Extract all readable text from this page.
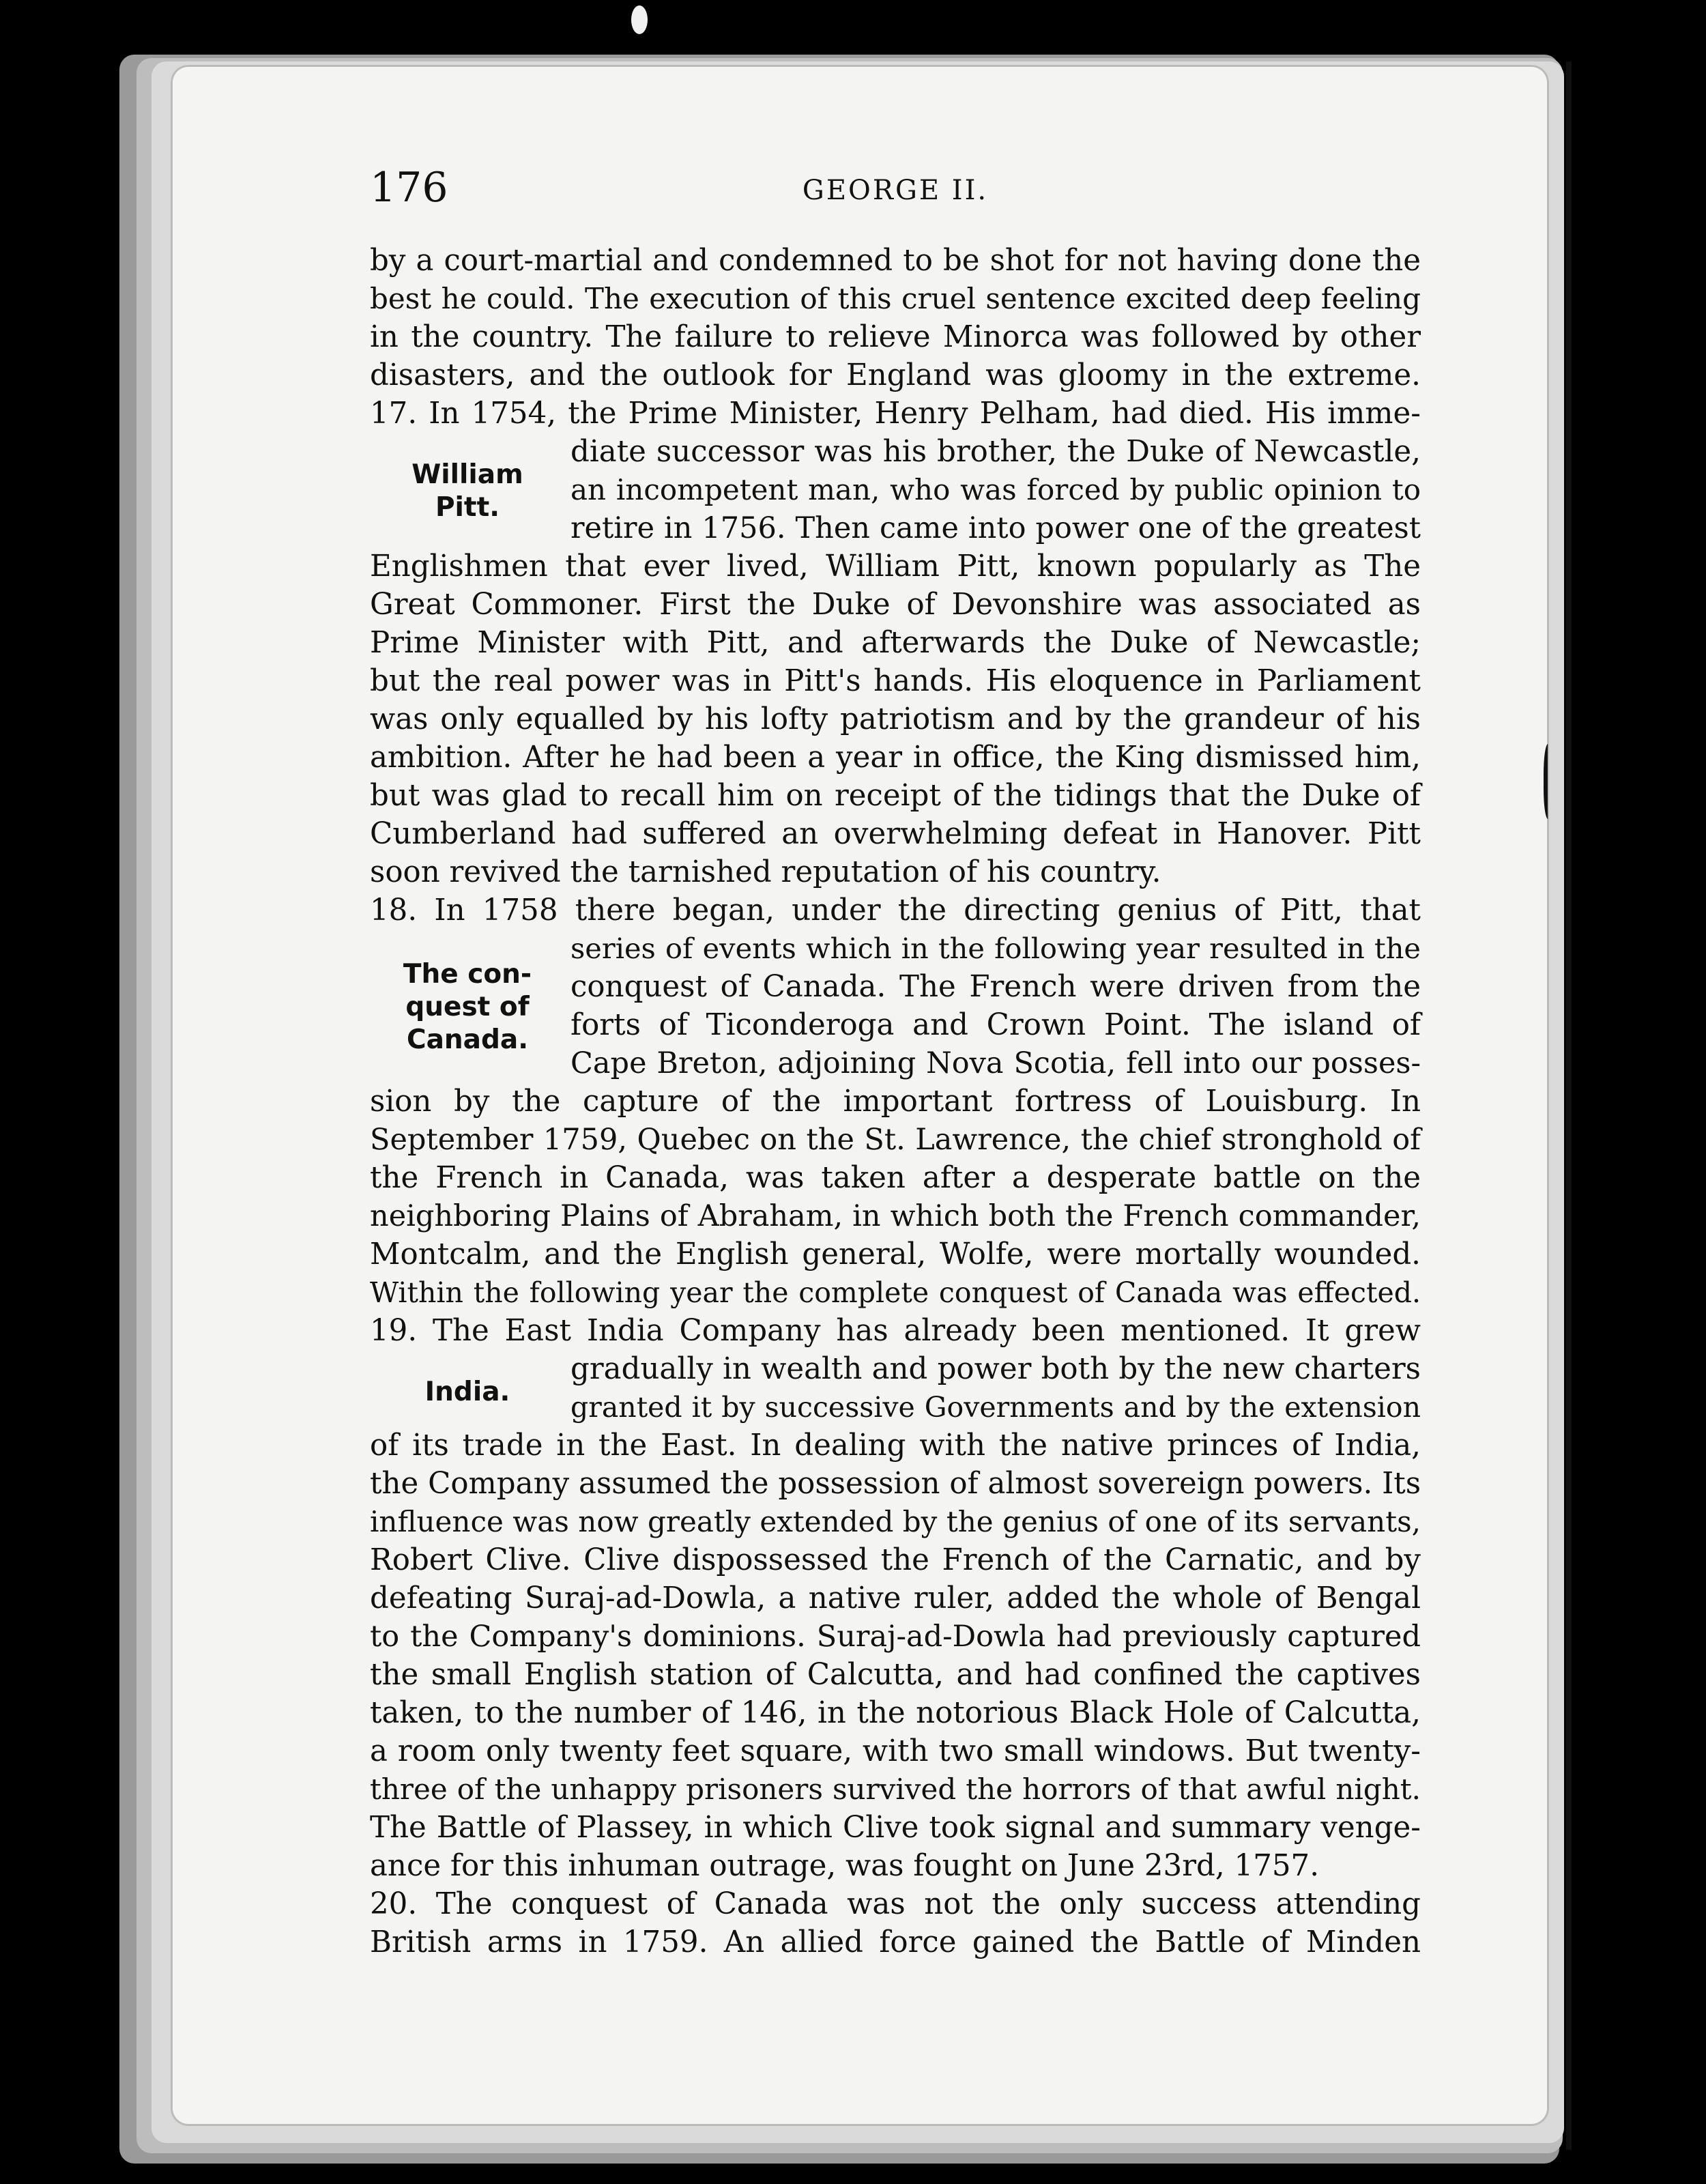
176	GEORGE II.
William
Pitt.
The con-
quest of
Canada.
India.
by a court-martial and condemned to be shot for not having done the
best he could. The execution of this cruel sentence excited deep feeling
in the country. The failure to relieve Minorca was followed by other
disasters, and the outlook for England was gloomy in the extreme.
17. In 1754, the Prime Minister, Henry Pelham, had died. His imme-
diate successor was his brother, the Duke of Newcastle,
an incompetent man, who was forced by public opinion to
retire in 1756. Then came into power one of the greatest
Englishmen that ever lived, William Pitt, known popularly as The
Great Commoner. First the Duke of Devonshire was associated as
Prime Minister with Pitt, and afterwards the Duke of Newcastle;
but the real power was in Pitt's hands. His eloquence in Parliament
was only equalled by his lofty patriotism and by the grandeur of his
ambition. After he had been a year in office, the King dismissed him,
but was glad to recall him on receipt of the tidings that the Duke of
Cumberland had suffered an overwhelming defeat in Hanover. Pitt
soon revived the tarnished reputation of his country.
18. In 1758 there began, under the directing genius of Pitt, that
series of events which in the following year resulted in the
conquest of Canada. The French were driven from the
forts of Ticonderoga and Crown Point. The island of
Cape Breton, adjoining Nova Scotia, fell into our posses-
sion by the capture of the important fortress of Louisburg. In
September 1759, Quebec on the St. Lawrence, the chief stronghold of
the French in Canada, was taken after a desperate battle on the
neighboring Plains of Abraham, in which both the French commander,
Montcalm, and the English general, Wolfe, were mortally wounded.
Within the following year the complete conquest of Canada was effected.
19. The East India Company has already been mentioned. It grew
gradually in wealth and power both by the new charters
granted it by successive Governments and by the extension
of its trade in the East. In dealing with the native princes of India,
the Company assumed the possession of almost sovereign powers. Its
influence was now greatly extended by the genius of one of its servants,
Robert Clive. Clive dispossessed the French of the Carnatic, and by
defeating Suraj-ad-Dowla, a native ruler, added the whole of Bengal
to the Company's dominions. Suraj-ad-Dowla had previously captured
the small English station of Calcutta, and had confined the captives
taken, to the number of 146, in the notorious Black Hole of Calcutta,
a room only twenty feet square, with two small windows. But twenty-
three of the unhappy prisoners survived the horrors of that awful night.
The Battle of Plassey, in which Clive took signal and summary venge-
ance for this inhuman outrage, was fought on June 23rd, 1757.
20. The conquest of Canada was not the only success attending
British arms in 1759. An allied force gained the Battle of Minden
